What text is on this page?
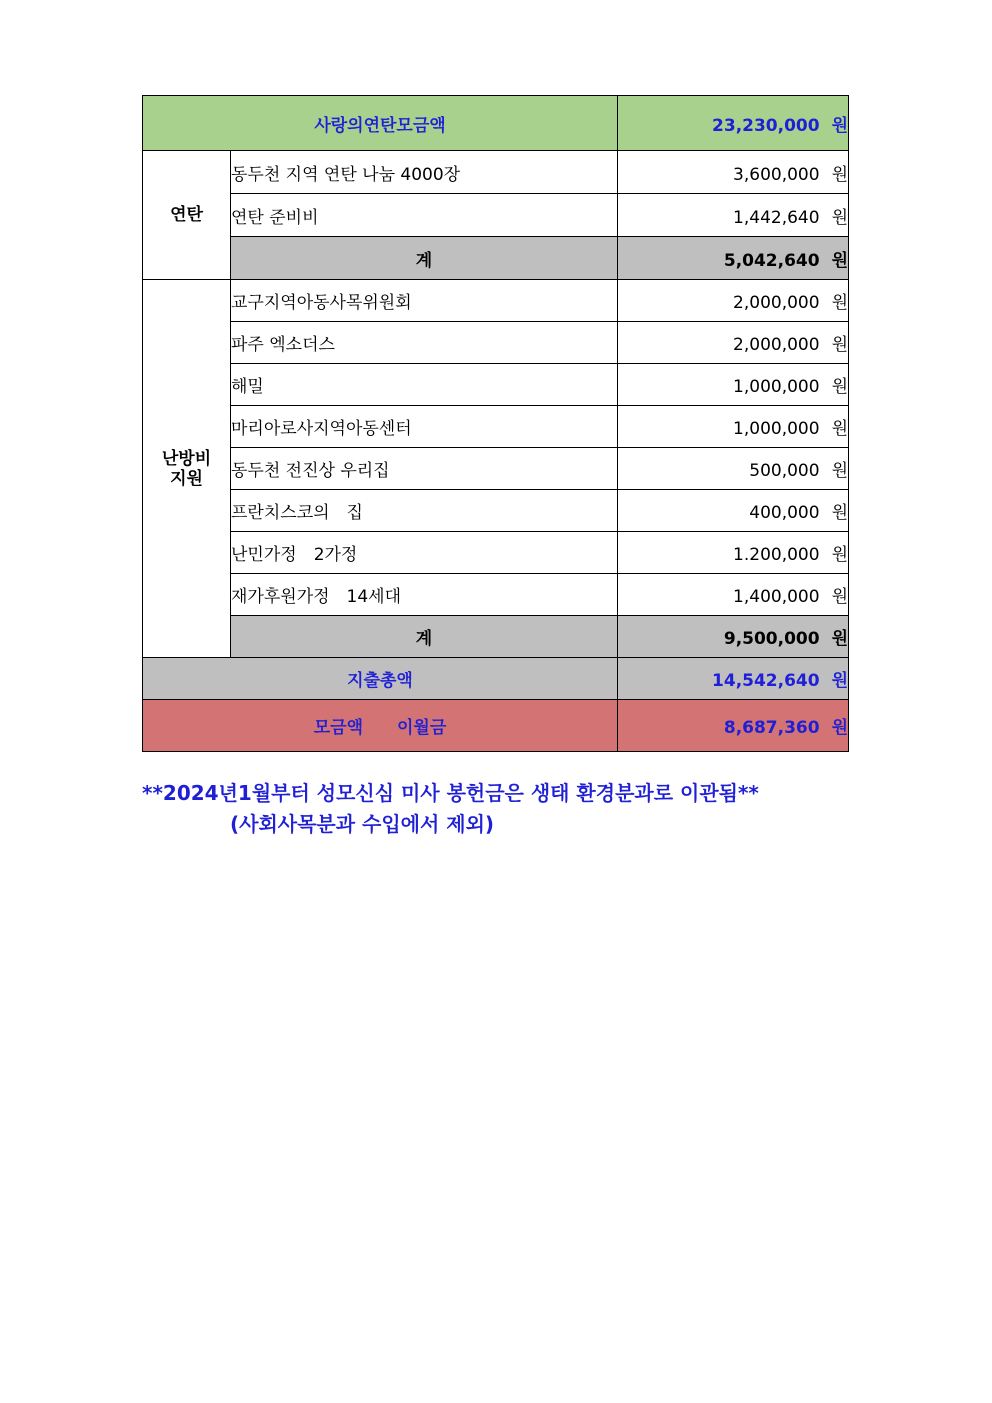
사랑의연탄모금액		23,230,000 원
연탄	동두천 지역 연탄 나눔 4000장	3,600,000 원
	연탄 준비비	1,442,640 원
	계	5,042,640 원
난방비
지원	교구지역아동사목위원회	2,000,000 원
	파주 엑소더스	2,000,000 원
	해밀	1,000,000 원
	마리아로사지역아동센터	1,000,000 원
	동두천 전진상 우리집	500,000 원
	프란치스코의　집	400,000 원
	난민가정　2가정	1.200,000 원
	재가후원가정　14세대	1,400,000 원
	계	9,500,000 원
지출총액		14,542,640 원
모금액　　이월금		8,687,360 원
**2024년1월부터 성모신심 미사 봉헌금은 생태 환경분과로 이관됨**
(사회사목분과 수입에서 제외)
